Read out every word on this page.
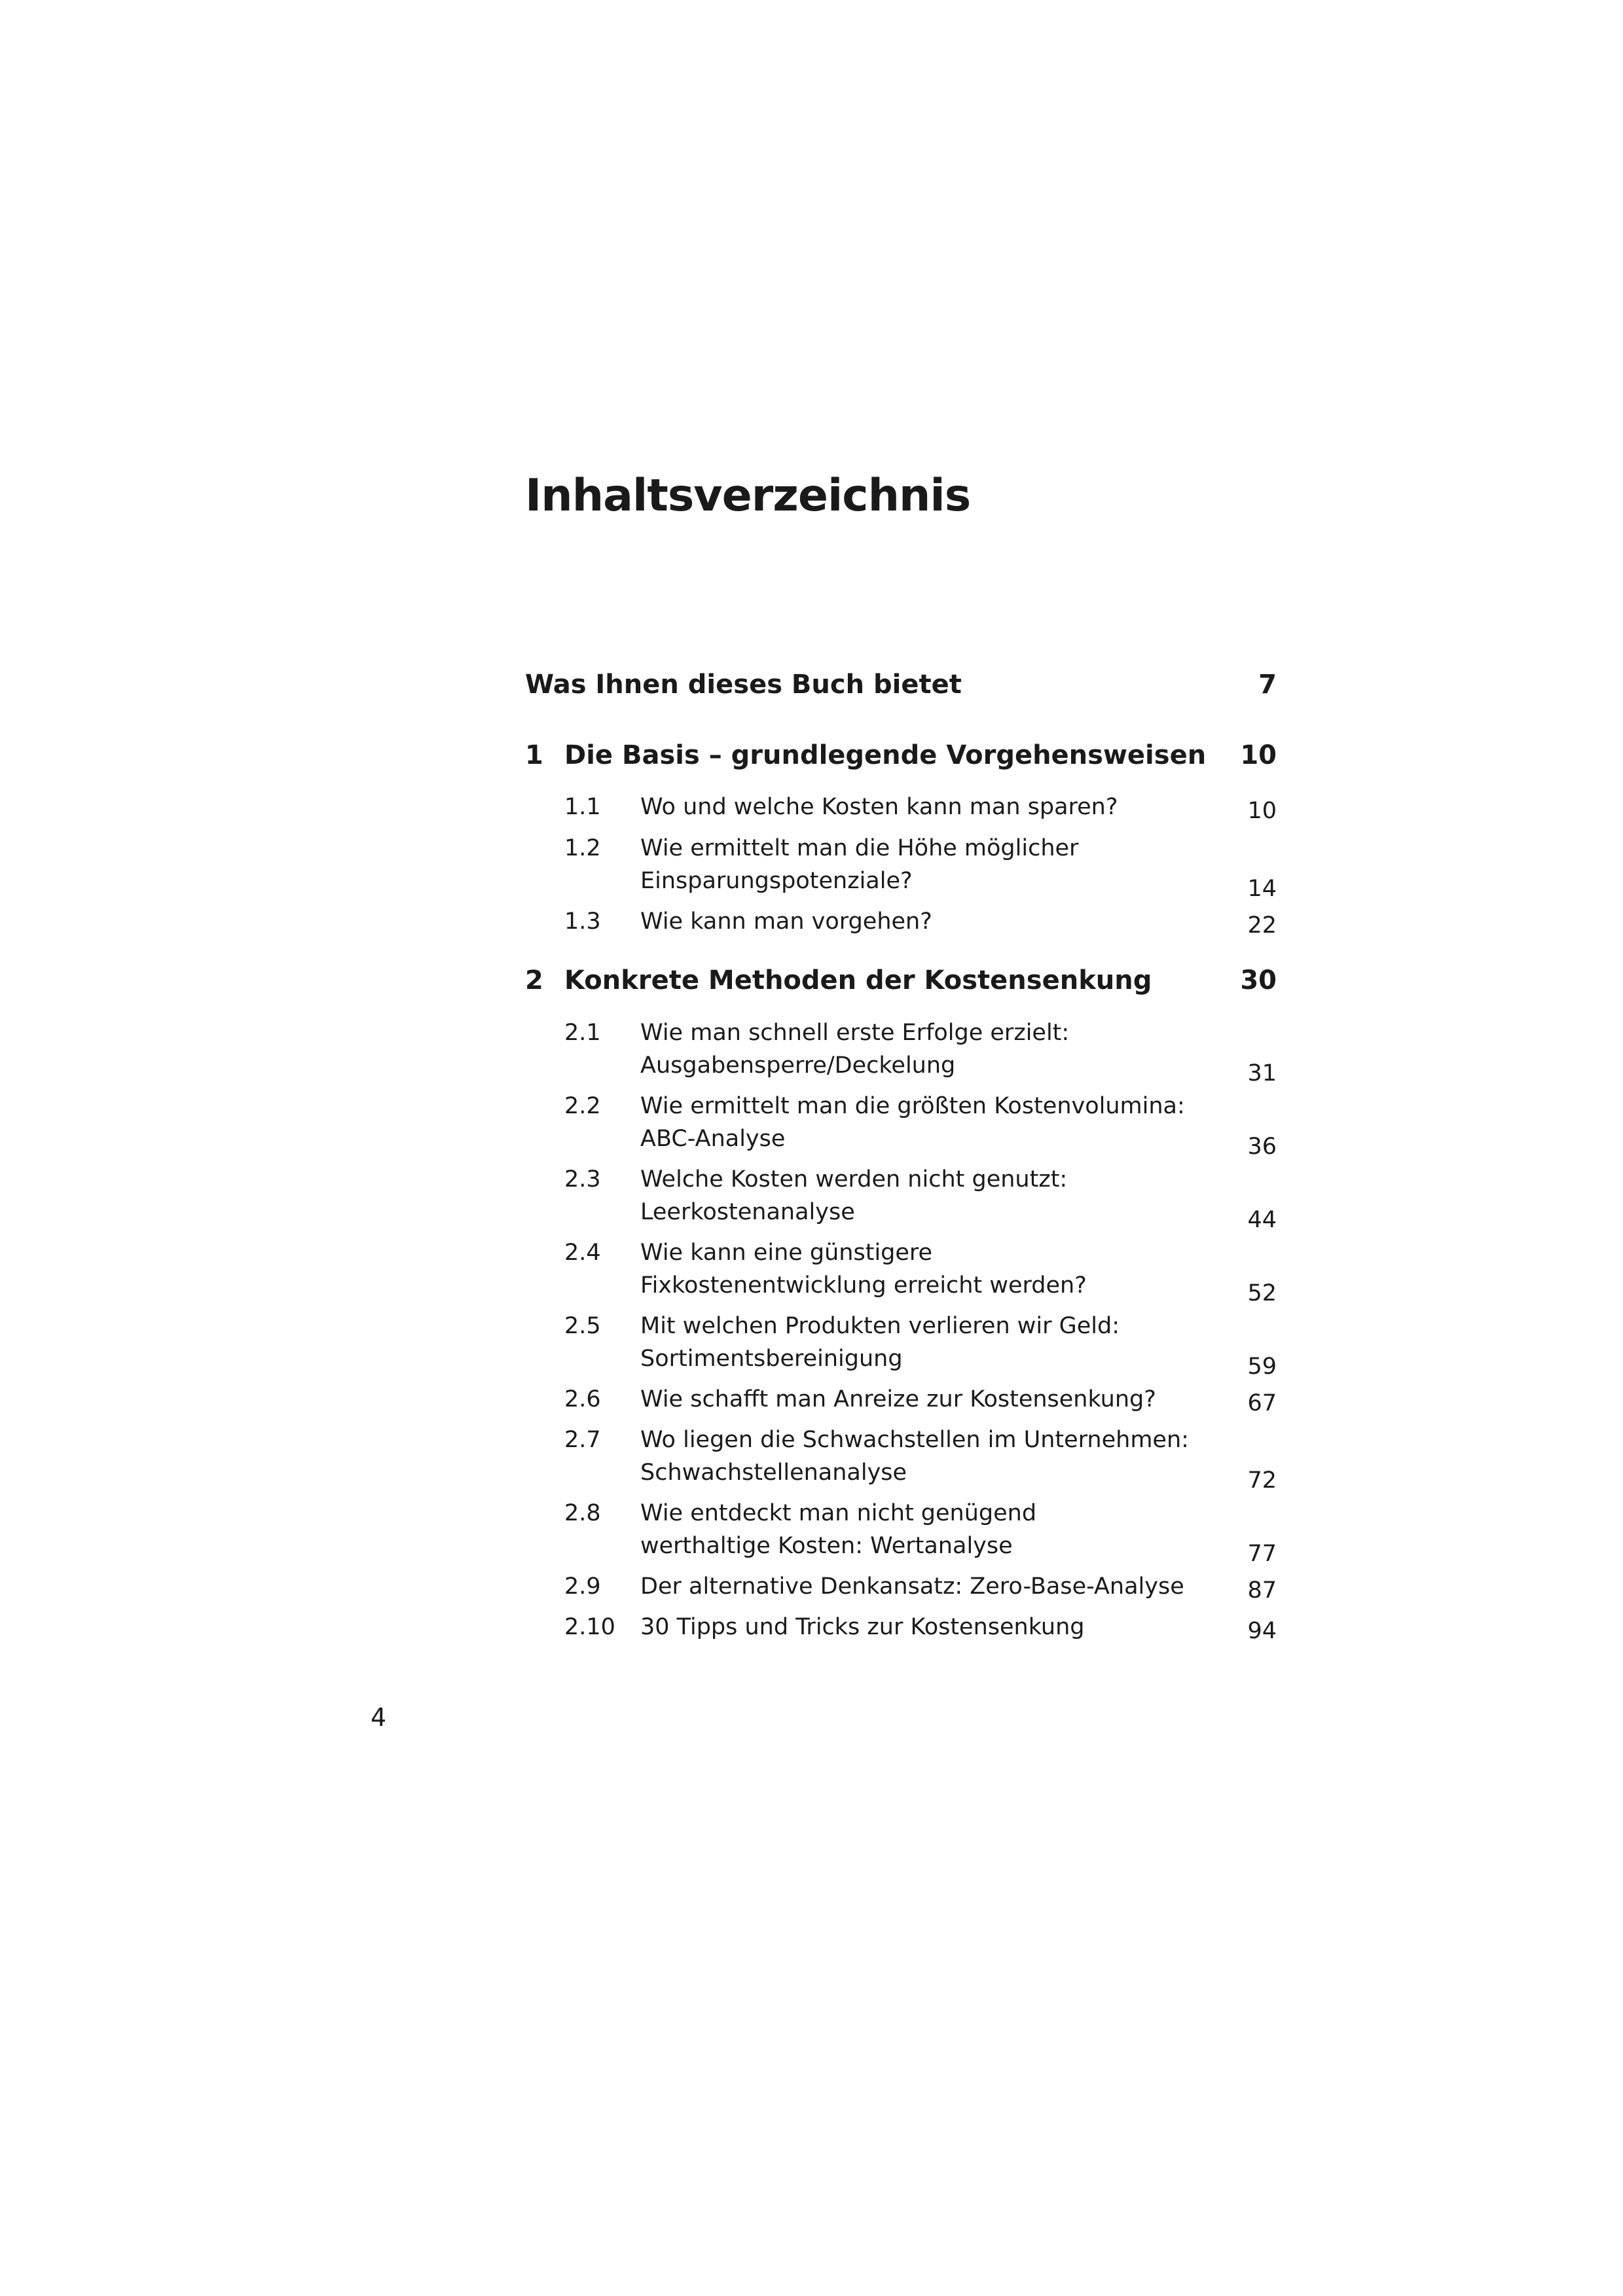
Inhaltsverzeichnis
Was Ihnen dieses Buch bietet	7
1 Die Basis – grundlegende Vorgehensweisen 10
1.1 Wo und welche Kosten kann man sparen?	10
1.2 Wie ermittelt man die Höhe möglicher Einsparungspotenziale?	14
1.3 Wie kann man vorgehen?	22
2 Konkrete Methoden der Kostensenkung	30
2.1 Wie man schnell erste Erfolge erzielt: Ausgabensperre/Deckelung	31
2.2 Wie ermittelt man die größten Kostenvolumina: ABC-Analyse	36
2.3 Welche Kosten werden nicht genutzt: Leerkostenanalyse	44
2.4 Wie kann eine günstigere Fixkostenentwicklung erreicht werden?	52
2.5 Mit welchen Produkten verlieren wir Geld: Sortimentsbereinigung	59
2.6 Wie schafft man Anreize zur Kostensenkung?	67
2.7 Wo liegen die Schwachstellen im Unternehmen: Schwachstellenanalyse	72
2.8 Wie entdeckt man nicht genügend werthaltige Kosten: Wertanalyse	77
2.9 Der alternative Denkansatz: Zero-Base-Analyse	87
2.10 30 Tipps und Tricks zur Kostensenkung	94
4
